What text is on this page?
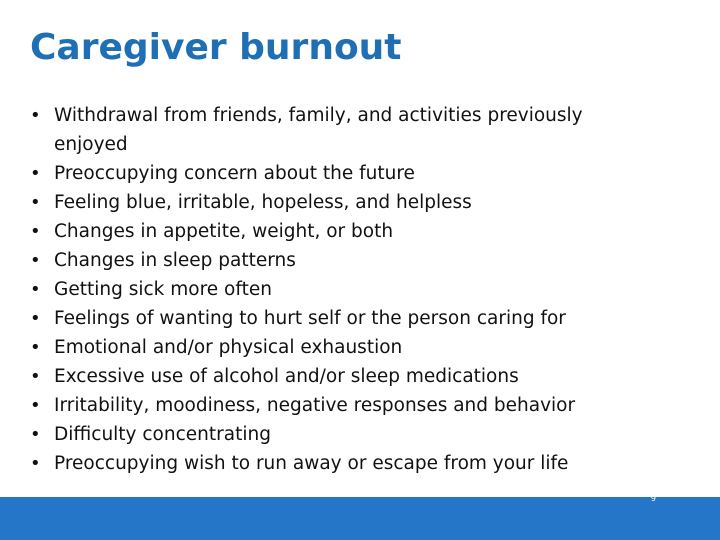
Caregiver burnout
• Withdrawal from friends, family, and activities previously enjoyed
• Preoccupying concern about the future
• Feeling blue, irritable, hopeless, and helpless
• Changes in appetite, weight, or both
• Changes in sleep patterns
• Getting sick more often
• Feelings of wanting to hurt self or the person caring for
• Emotional and/or physical exhaustion
• Excessive use of alcohol and/or sleep medications
• Irritability, moodiness, negative responses and behavior
• Difficulty concentrating
• Preoccupying wish to run away or escape from your life
9
